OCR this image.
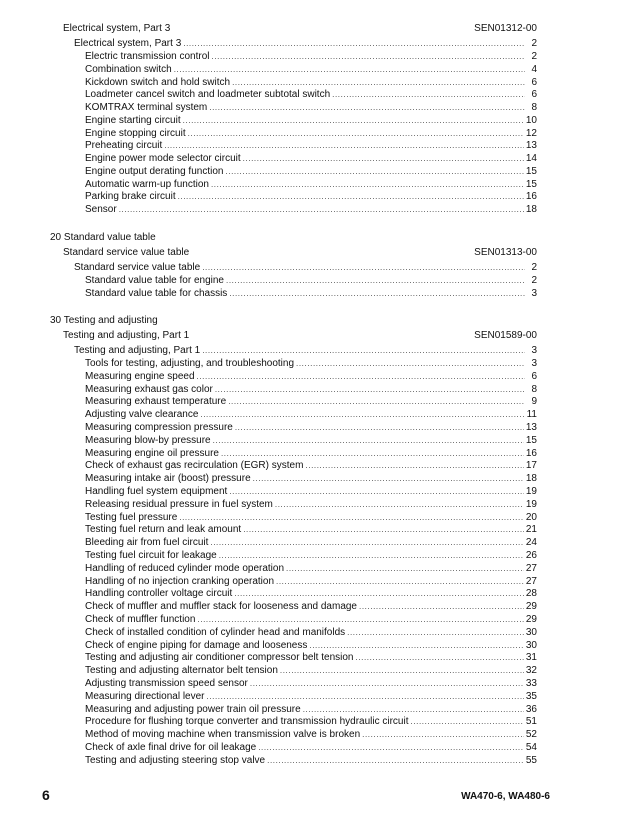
Electrical system, Part 3	SEN01312-00
Electrical system, Part 3 .....	2
Electric transmission control .....	2
Combination switch .....	4
Kickdown switch and hold switch .....	6
Loadmeter cancel switch and loadmeter subtotal switch .....	6
KOMTRAX terminal system .....	8
Engine starting circuit .....	10
Engine stopping circuit .....	12
Preheating circuit .....	13
Engine power mode selector circuit .....	14
Engine output derating function .....	15
Automatic warm-up function .....	15
Parking brake circuit .....	16
Sensor .....	18
20 Standard value table
Standard service value table	SEN01313-00
Standard service value table .....	2
Standard value table for engine .....	2
Standard value table for chassis .....	3
30 Testing and adjusting
Testing and adjusting, Part 1	SEN01589-00
Testing and adjusting, Part 1 .....	3
Tools for testing, adjusting, and troubleshooting .....	3
Measuring engine speed .....	6
Measuring exhaust gas color .....	8
Measuring exhaust temperature .....	9
Adjusting valve clearance .....	11
Measuring compression pressure .....	13
Measuring blow-by pressure .....	15
Measuring engine oil pressure .....	16
Check of exhaust gas recirculation (EGR) system .....	17
Measuring intake air (boost) pressure .....	18
Handling fuel system equipment .....	19
Releasing residual pressure in fuel system .....	19
Testing fuel pressure .....	20
Testing fuel return and leak amount .....	21
Bleeding air from fuel circuit .....	24
Testing fuel circuit for leakage .....	26
Handling of reduced cylinder mode operation .....	27
Handling of no injection cranking operation .....	27
Handling controller voltage circuit .....	28
Check of muffler and muffler stack for looseness and damage .....	29
Check of muffler function .....	29
Check of installed condition of cylinder head and manifolds .....	30
Check of engine piping for damage and looseness .....	30
Testing and adjusting air conditioner compressor belt tension .....	31
Testing and adjusting alternator belt tension .....	32
Adjusting transmission speed sensor .....	33
Measuring directional lever .....	35
Measuring and adjusting power train oil pressure .....	36
Procedure for flushing torque converter and transmission hydraulic circuit .....	51
Method of moving machine when transmission valve is broken .....	52
Check of axle final drive for oil leakage .....	54
Testing and adjusting steering stop valve .....	55
6	WA470-6, WA480-6
